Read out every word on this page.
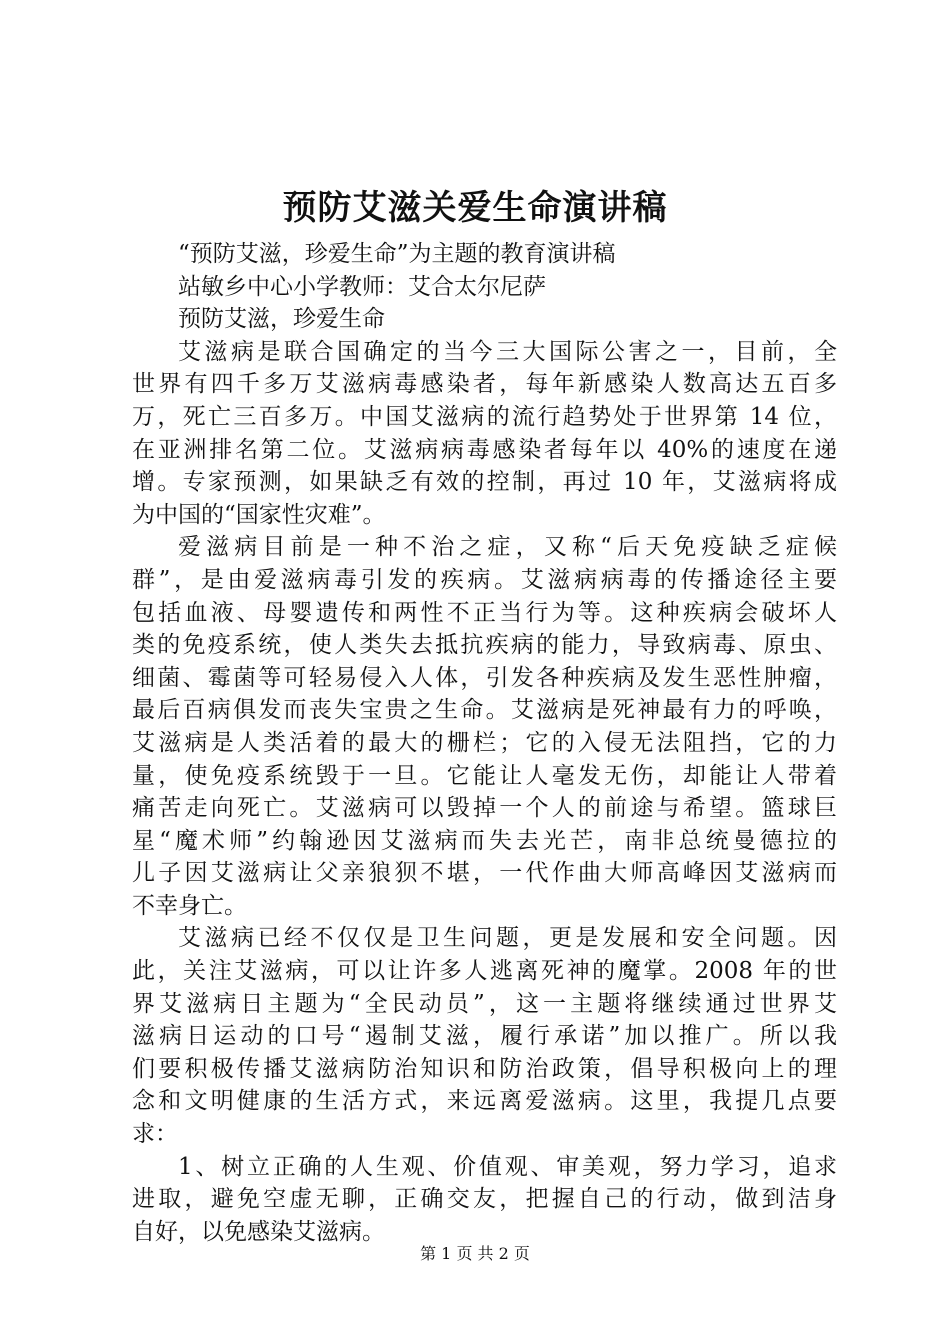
预防艾滋关爱生命演讲稿
“预防艾滋，珍爱生命”为主题的教育演讲稿
站敏乡中心小学教师：艾合太尔尼萨
预防艾滋，珍爱生命
艾滋病是联合国确定的当今三大国际公害之一，目前，全
世界有四千多万艾滋病毒感染者，每年新感染人数高达五百多
万，死亡三百多万。中国艾滋病的流行趋势处于世界第 14 位，
在亚洲排名第二位。艾滋病病毒感染者每年以 40%的速度在递
增。专家预测，如果缺乏有效的控制，再过 10 年，艾滋病将成
为中国的“国家性灾难”。
爱滋病目前是一种不治之症，又称“后天免疫缺乏症候
群”，是由爱滋病毒引发的疾病。艾滋病病毒的传播途径主要
包括血液、母婴遗传和两性不正当行为等。这种疾病会破坏人
类的免疫系统，使人类失去抵抗疾病的能力，导致病毒、原虫、
细菌、霉菌等可轻易侵入人体，引发各种疾病及发生恶性肿瘤，
最后百病俱发而丧失宝贵之生命。艾滋病是死神最有力的呼唤，
艾滋病是人类活着的最大的栅栏；它的入侵无法阻挡，它的力
量，使免疫系统毁于一旦。它能让人毫发无伤，却能让人带着
痛苦走向死亡。艾滋病可以毁掉一个人的前途与希望。篮球巨
星“魔术师”约翰逊因艾滋病而失去光芒，南非总统曼德拉的
儿子因艾滋病让父亲狼狈不堪，一代作曲大师高峰因艾滋病而
不幸身亡。
艾滋病已经不仅仅是卫生问题，更是发展和安全问题。因
此，关注艾滋病，可以让许多人逃离死神的魔掌。2008 年的世
界艾滋病日主题为“全民动员”，这一主题将继续通过世界艾
滋病日运动的口号“遏制艾滋，履行承诺”加以推广。所以我
们要积极传播艾滋病防治知识和防治政策，倡导积极向上的理
念和文明健康的生活方式，来远离爱滋病。这里，我提几点要
求：
1、树立正确的人生观、价值观、审美观，努力学习，追求
进取，避免空虚无聊，正确交友，把握自己的行动，做到洁身
自好，以免感染艾滋病。
第 1 页 共 2 页
